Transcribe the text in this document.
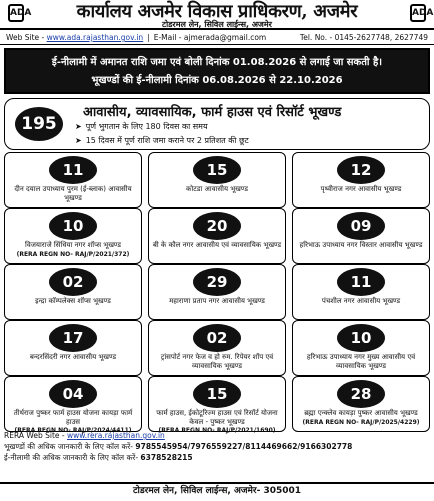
ADA	कार्यालय अजमेर विकास प्राधिकरण, अजमेर
टोडरमल लेन, सिविल लाईन्स, अजमेर
ADA
Web Site - www.ada.rajasthan.gov.in | E-Mail - ajmerada@gmail.com	Tel. No. - 0145-2627748, 2627749
ई-नीलामी में अमानत राशि जमा एवं बोली दिनांक 01.08.2026 से लगाई जा सकती है।
भूखण्डों की ई-नीलामी दिनांक 06.08.2026 से 22.10.2026
195
आवासीय, व्यावसायिक, फार्म हाउस एवं रिसॉर्ट भूखण्ड
➤ पूर्ण भुगतान के लिए 180 दिवस का समय
➤ 15 दिवस में पूर्ण राशि जमा कराने पर 2 प्रतिशत की छूट
11
दीन दयाल उपाध्याय पुरम (ई-ब्लाक) आवासीय भूखण्ड
15
कोटडा आवासीय भूखण्ड
12
पृथ्वीराज नगर आवासीय भूखण्ड
10
विजयाराजे सिंधिया नगर शॉप्स भूखण्ड
(RERA REGN NO- RAJ/P/2021/372)
20
बी के कौल नगर आवासीय एवं व्यावसायिक भूखण्ड
09
हरिभाऊ उपाध्याय नगर विस्तार आवासीय भूखण्ड
02
इन्द्रा कॉम्पलेक्स शॉप्स भूखण्ड
29
महाराणा प्रताप नगर आवासीय भूखण्ड
11
पंचशील नगर आवासीय भूखण्ड
17
बन्दरसिंदरी नगर आवासीय भूखण्ड
02
ट्रांसपोर्ट नगर फेज व हो रुम. रिपेयर शॉप एवं व्यावसायिक भूखण्ड
10
हरिभाऊ उपाध्याय नगर मुख्य आवासीय एवं व्यावसायिक भूखण्ड
04
तीर्थराज पुष्कर फार्म हाउस योजना कायड़ा फार्म हाउस
(RERA REGN NO- RAJ/P/2024/4411)
15
फार्म हाउस, ईकोटूरिज्म हाउस एवं रिसॉर्ट योजना केवल - पुष्कर भूखण्ड
(RERA REGN NO- RAJ/P/2021/1690)
28
ब्रह्मा एन्क्लेव कायड़ा पुष्कर आवासीय भूखण्ड
(RERA REGN NO- RAJ/P/2025/4229)
RERA Web Site - www.rera.rajasthan.gov.in
भूखण्डों की अधिक जानकारी के लिए कॉल करें- 9785545954/7976559227/8114469662/9166302778
ई-नीलामी की अधिक जानकारी के लिए कॉल करें- 6378528215
टोडरमल लेन, सिविल लाईन्स, अजमेर- 305001
